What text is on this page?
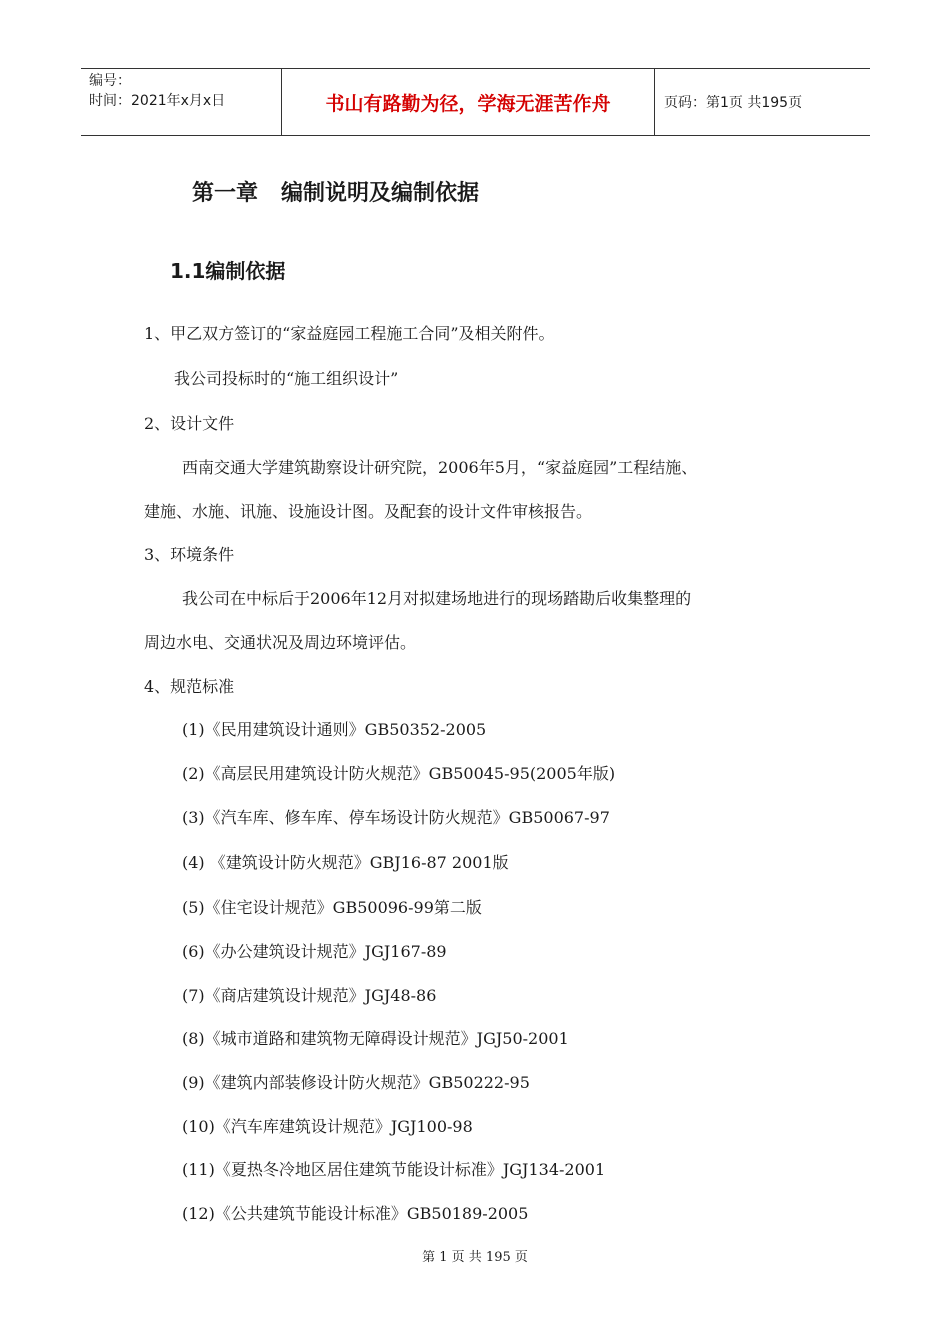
编号：
时间：2021年x月x日	书山有路勤为径，学海无涯苦作舟	页码：第1页 共195页
第一章   编制说明及编制依据
1.1编制依据

1、甲乙双方签订的“家益庭园工程施工合同”及相关附件。

我公司投标时的“施工组织设计”

2、设计文件

西南交通大学建筑勘察设计研究院，2006年5月，“家益庭园”工程结施、

建施、水施、讯施、设施设计图。及配套的设计文件审核报告。

3、环境条件

我公司在中标后于2006年12月对拟建场地进行的现场踏勘后收集整理的

周边水电、交通状况及周边环境评估。

4、规范标准

(1)《民用建筑设计通则》GB50352-2005

(2)《高层民用建筑设计防火规范》GB50045-95(2005年版)

(3)《汽车库、修车库、停车场设计防火规范》GB50067-97

(4) 《建筑设计防火规范》GBJ16-87 2001版

(5)《住宅设计规范》GB50096-99第二版

(6)《办公建筑设计规范》JGJ167-89

(7)《商店建筑设计规范》JGJ48-86

(8)《城市道路和建筑物无障碍设计规范》JGJ50-2001

(9)《建筑内部装修设计防火规范》GB50222-95

(10)《汽车库建筑设计规范》JGJ100-98

(11)《夏热冬冷地区居住建筑节能设计标准》JGJ134-2001

(12)《公共建筑节能设计标准》GB50189-2005

第 1 页 共 195 页
